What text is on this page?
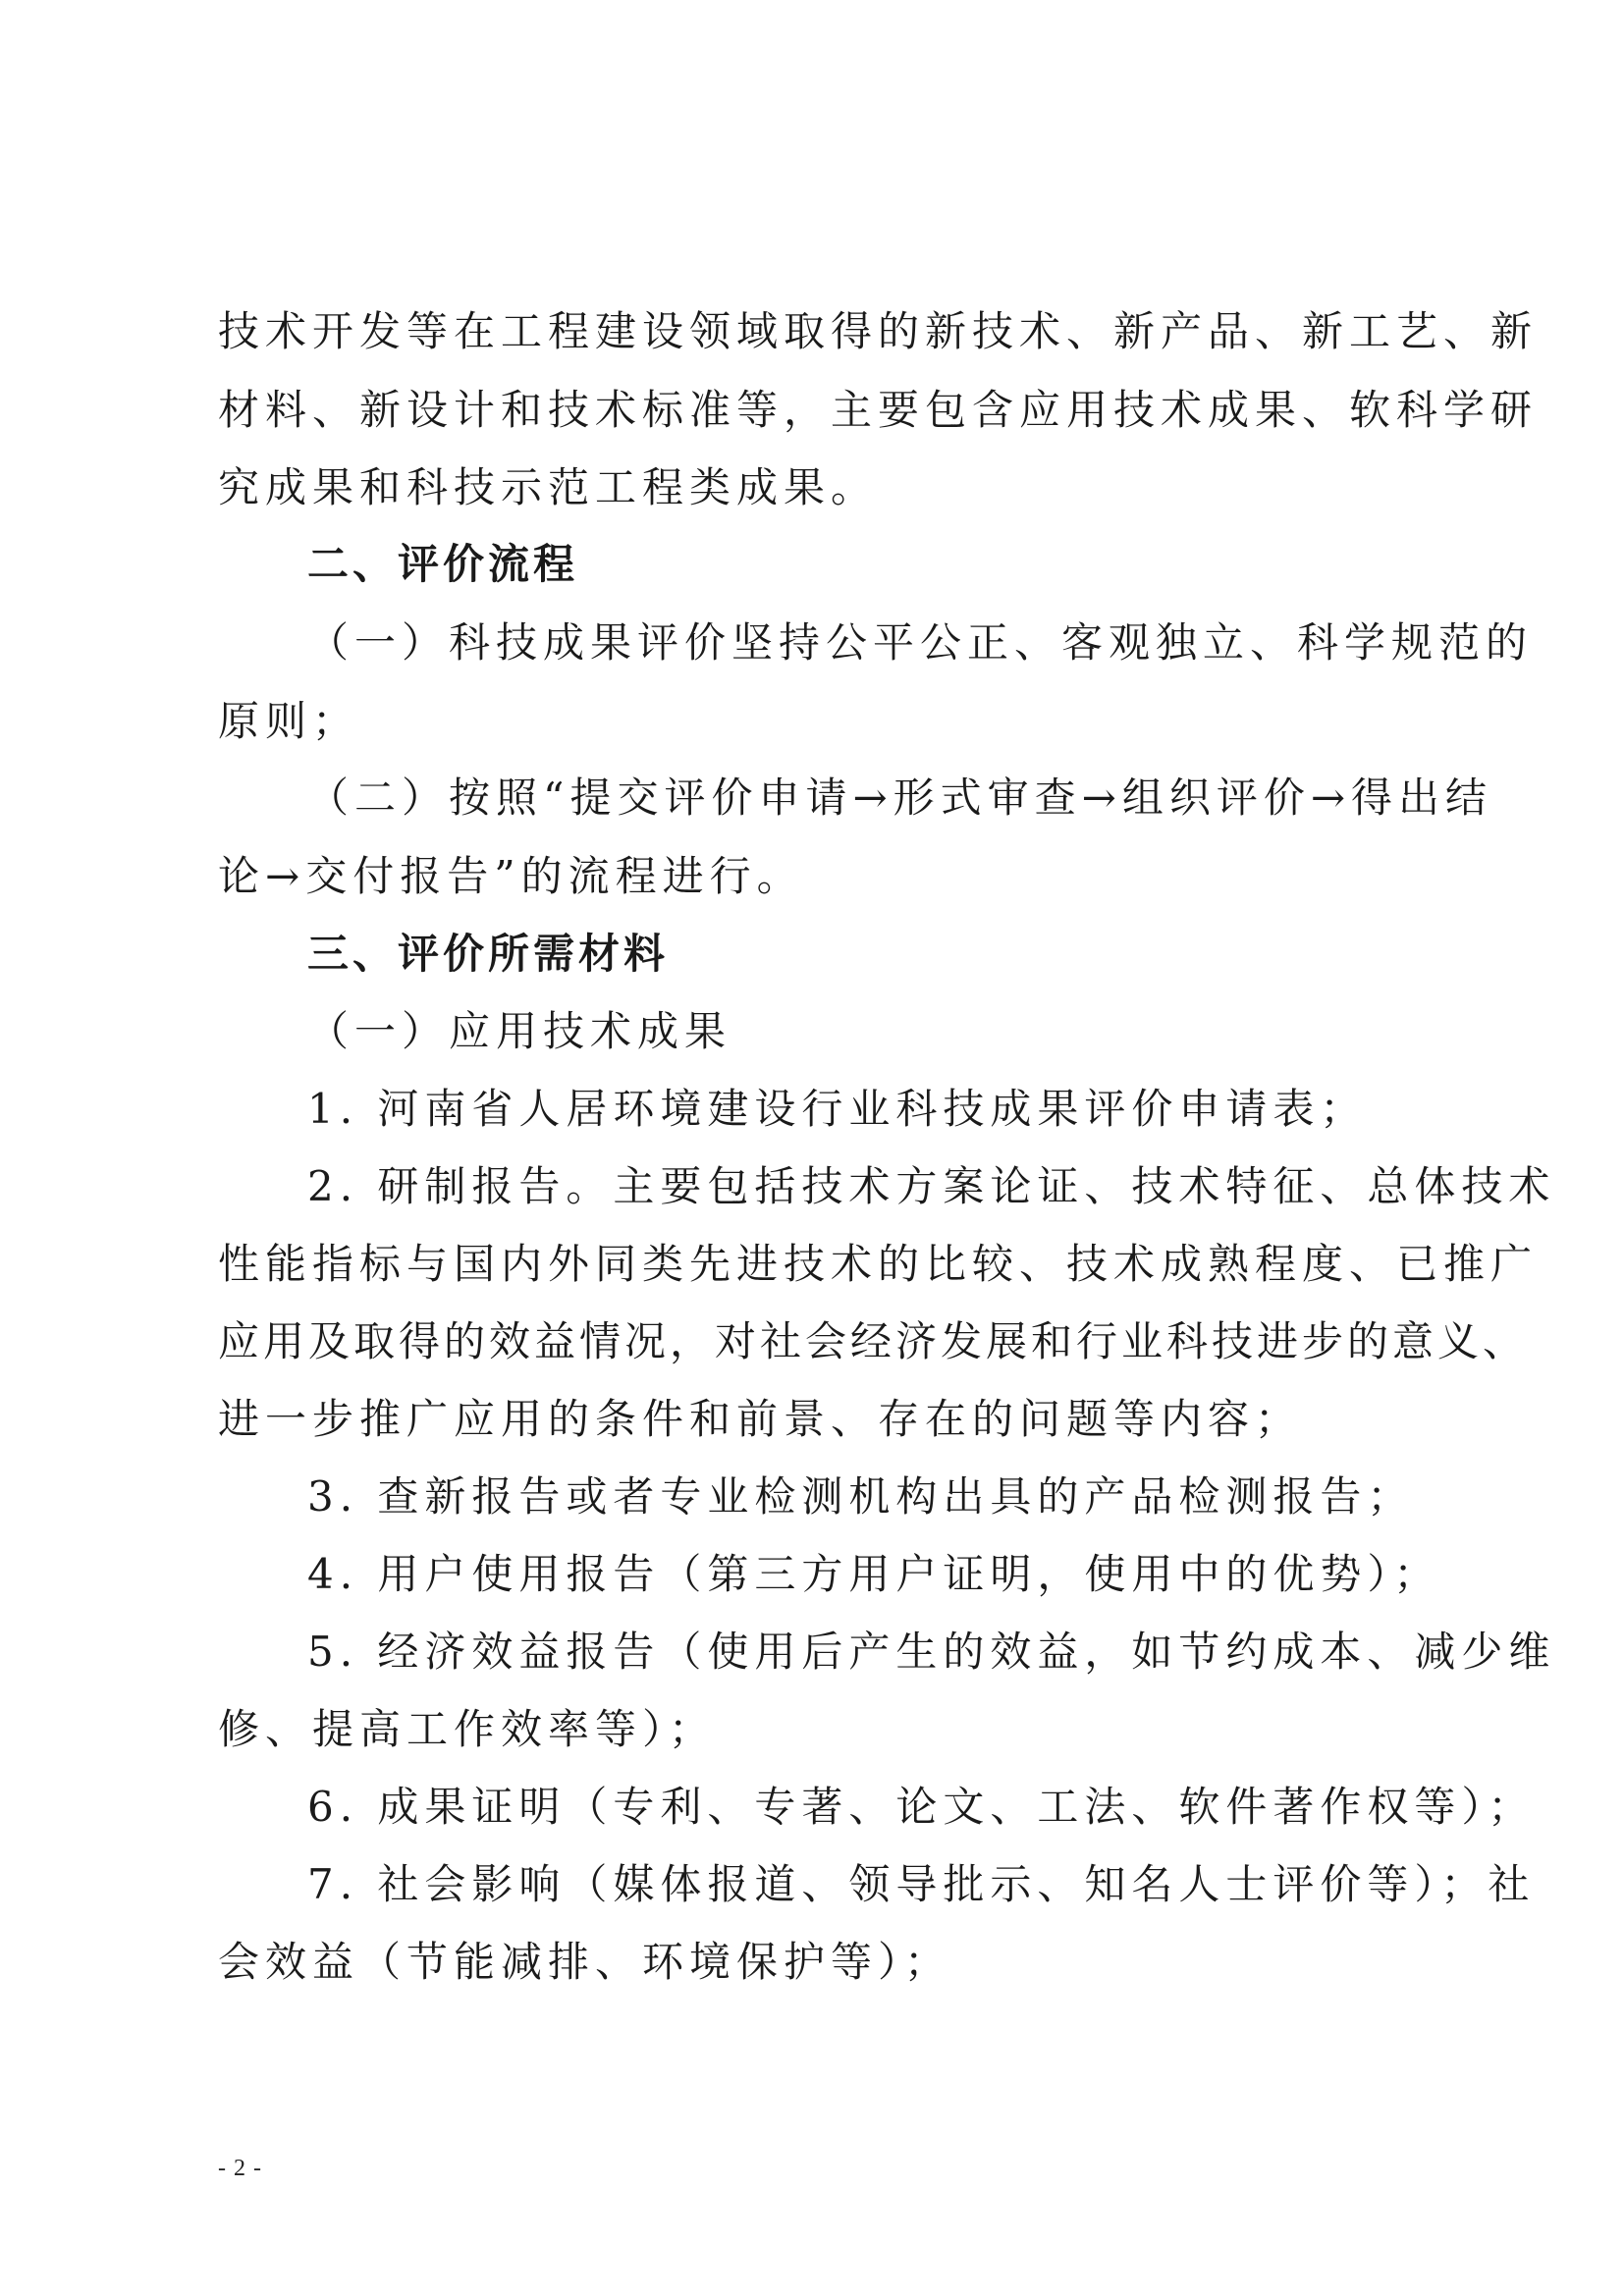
技术开发等在工程建设领域取得的新技术、新产品、新工艺、新
材料、新设计和技术标准等，主要包含应用技术成果、软科学研
究成果和科技示范工程类成果。
二、评价流程
（一）科技成果评价坚持公平公正、客观独立、科学规范的
原则；
（二）按照“提交评价申请→形式审查→组织评价→得出结
论→交付报告”的流程进行。
三、评价所需材料
（一）应用技术成果
1. 河南省人居环境建设行业科技成果评价申请表；
2. 研制报告。主要包括技术方案论证、技术特征、总体技术
性能指标与国内外同类先进技术的比较、技术成熟程度、已推广
应用及取得的效益情况，对社会经济发展和行业科技进步的意义、
进一步推广应用的条件和前景、存在的问题等内容；
3. 查新报告或者专业检测机构出具的产品检测报告；
4. 用户使用报告（第三方用户证明，使用中的优势）；
5. 经济效益报告（使用后产生的效益，如节约成本、减少维
修、提高工作效率等）；
6. 成果证明（专利、专著、论文、工法、软件著作权等）；
7. 社会影响（媒体报道、领导批示、知名人士评价等）；社
会效益（节能减排、环境保护等）；
- 2 -
